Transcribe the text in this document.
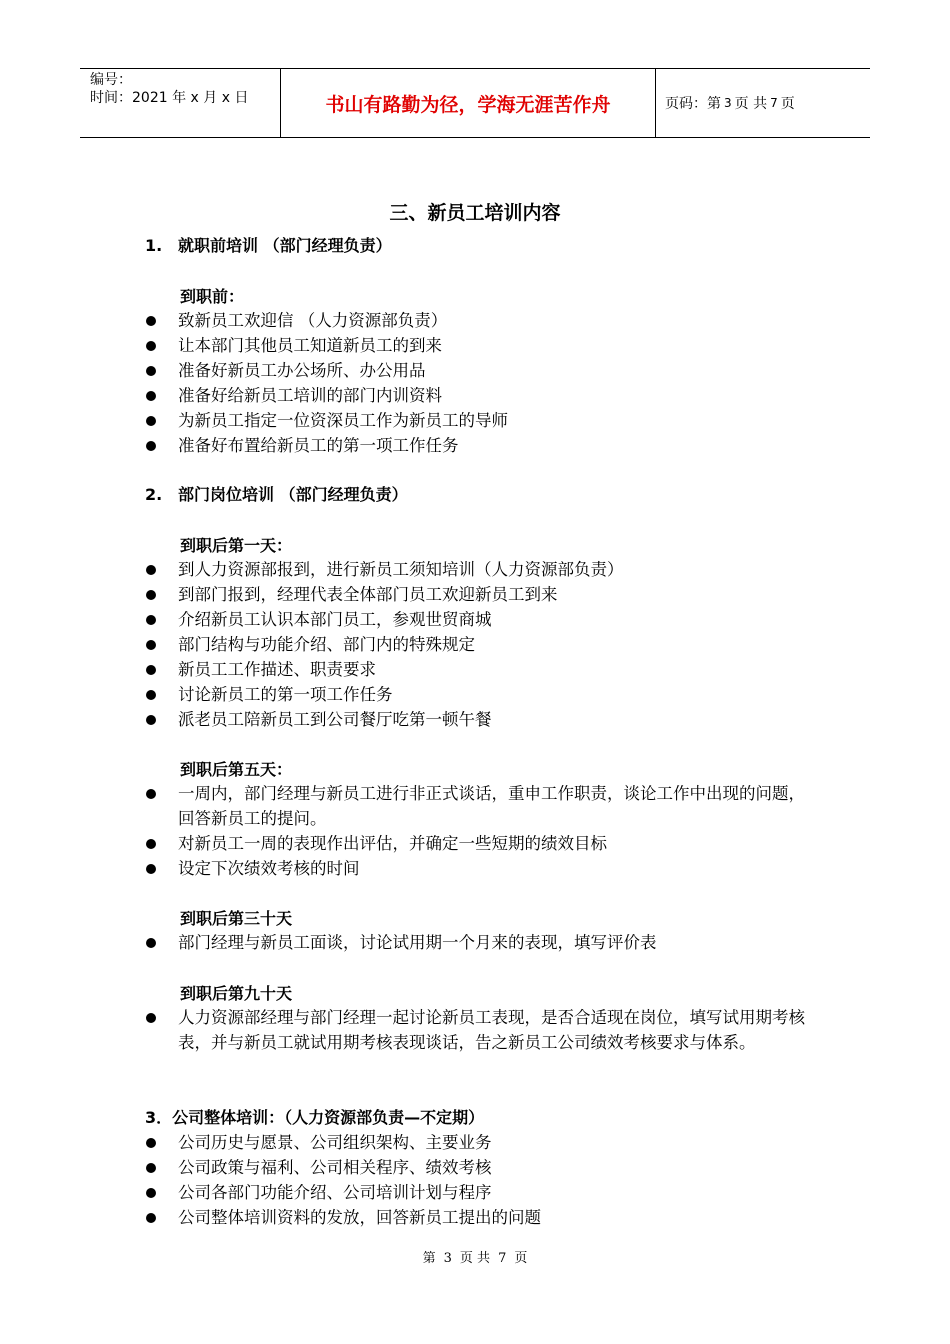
编号：
时间：2021 年 x 月 x 日	书山有路勤为径，学海无涯苦作舟	页码：第 3 页 共 7 页
三、新员工培训内容
1. 就职前培训 （部门经理负责）
到职前：
致新员工欢迎信 （人力资源部负责）
让本部门其他员工知道新员工的到来
准备好新员工办公场所、办公用品
准备好给新员工培训的部门内训资料
为新员工指定一位资深员工作为新员工的导师
准备好布置给新员工的第一项工作任务
2. 部门岗位培训 （部门经理负责）
到职后第一天：
到人力资源部报到，进行新员工须知培训（人力资源部负责）
到部门报到，经理代表全体部门员工欢迎新员工到来
介绍新员工认识本部门员工，参观世贸商城
部门结构与功能介绍、部门内的特殊规定
新员工工作描述、职责要求
讨论新员工的第一项工作任务
派老员工陪新员工到公司餐厅吃第一顿午餐
到职后第五天：
一周内，部门经理与新员工进行非正式谈话，重申工作职责，谈论工作中出现的问题，回答新员工的提问。
对新员工一周的表现作出评估，并确定一些短期的绩效目标
设定下次绩效考核的时间
到职后第三十天
部门经理与新员工面谈，讨论试用期一个月来的表现，填写评价表
到职后第九十天
人力资源部经理与部门经理一起讨论新员工表现，是否合适现在岗位，填写试用期考核表，并与新员工就试用期考核表现谈话，告之新员工公司绩效考核要求与体系。
3．公司整体培训：（人力资源部负责—不定期）
公司历史与愿景、公司组织架构、主要业务
公司政策与福利、公司相关程序、绩效考核
公司各部门功能介绍、公司培训计划与程序
公司整体培训资料的发放，回答新员工提出的问题
第 3 页 共 7 页
